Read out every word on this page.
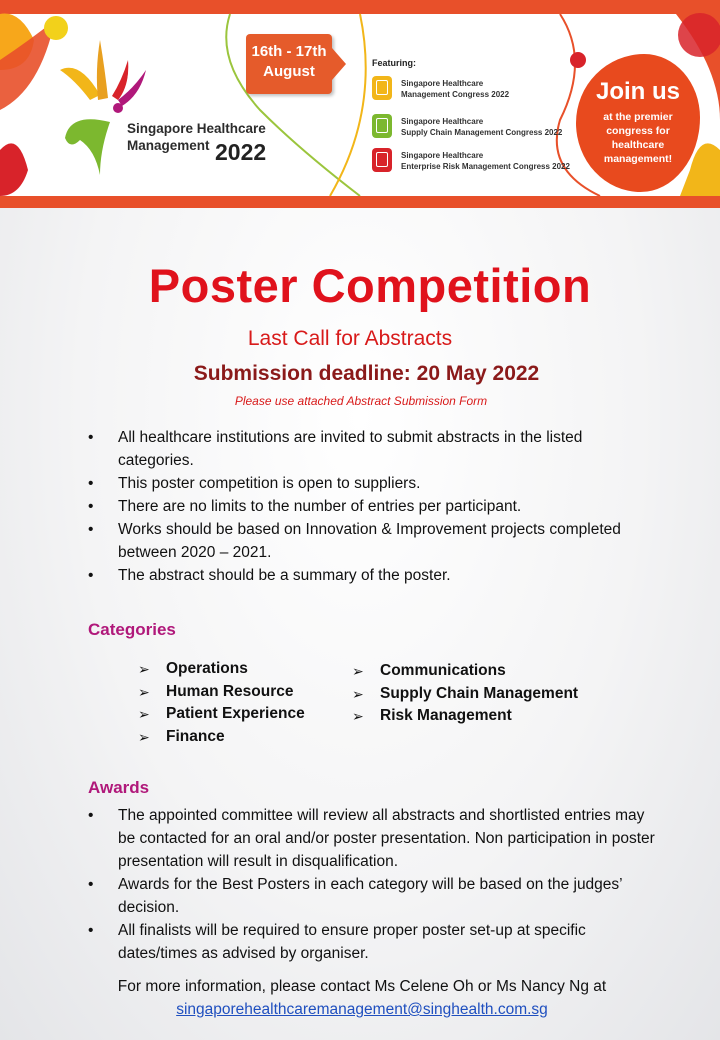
Singapore Healthcare
Management 2022
16th - 17th
August	Featuring:
Singapore Healthcare
Management Congress 2022
Singapore Healthcare
Supply Chain Management Congress 2022
Singapore Healthcare
Enterprise Risk Management Congress 2022
Join us
at the premier congress for healthcare management!
Poster Competition
Last Call for Abstracts
Submission deadline: 20 May 2022
Please use attached Abstract Submission Form
• All healthcare institutions are invited to submit abstracts in the listed categories.
• This poster competition is open to suppliers.
• There are no limits to the number of entries per participant.
• Works should be based on Innovation & Improvement projects completed between 2020 – 2021.
• The abstract should be a summary of the poster.
Categories
➢ Operations
➢ Human Resource
➢ Patient Experience
➢ Finance
➢ Communications
➢ Supply Chain Management
➢ Risk Management
Awards
• The appointed committee will review all abstracts and shortlisted entries may be contacted for an oral and/or poster presentation. Non participation in poster presentation will result in disqualification.
• Awards for the Best Posters in each category will be based on the judges’ decision.
• All finalists will be required to ensure proper poster set-up at specific dates/times as advised by organiser.
For more information, please contact Ms Celene Oh or Ms Nancy Ng at
singaporehealthcaremanagement@singhealth.com.sg
